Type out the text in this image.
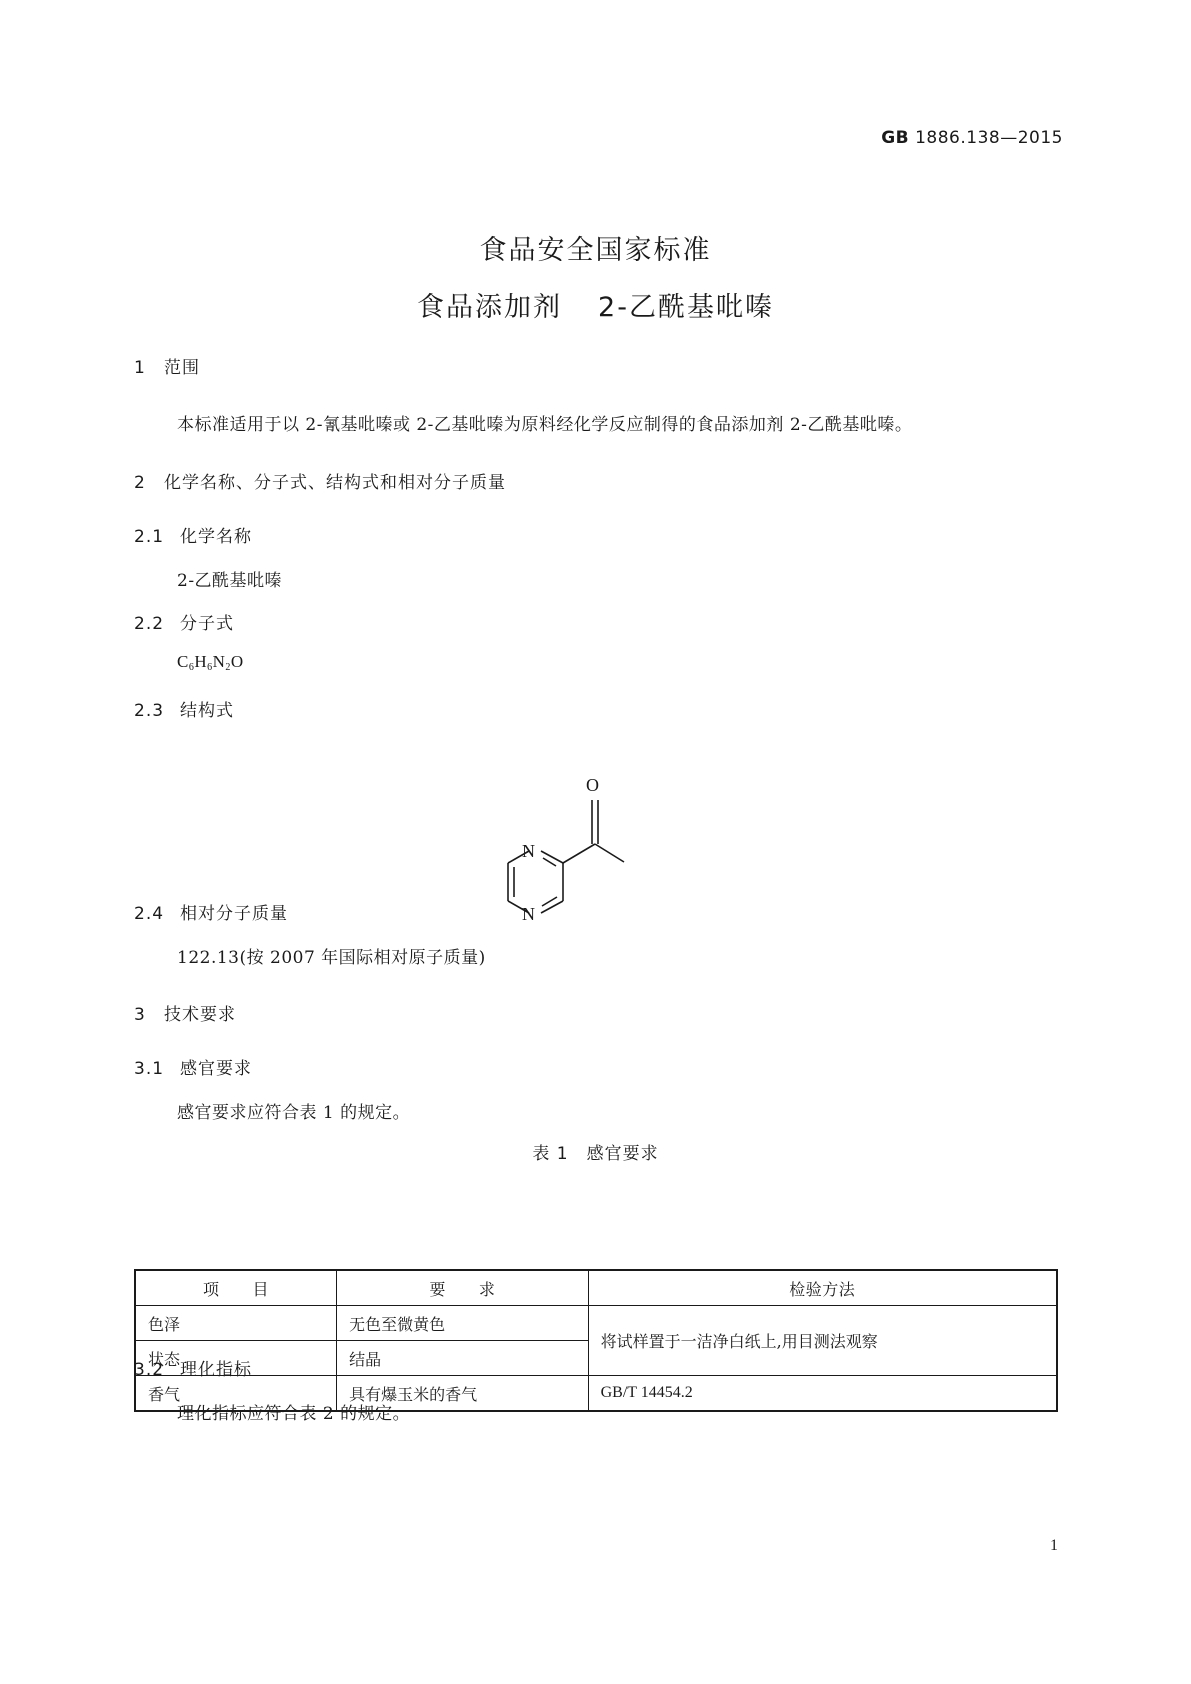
GB 1886.138—2015
食品安全国家标准
食品添加剂 2-乙酰基吡嗪
1 范围
本标准适用于以 2-氰基吡嗪或 2-乙基吡嗪为原料经化学反应制得的食品添加剂 2-乙酰基吡嗪。
2 化学名称、分子式、结构式和相对分子质量
2.1 化学名称
2-乙酰基吡嗪
2.2 分子式
$C_6H_6N_2O$
2.3 结构式
N
N
O
2.4 相对分子质量
122.13(按 2007 年国际相对原子质量)
3 技术要求
3.1 感官要求
感官要求应符合表 1 的规定。
表 1 感官要求
项　　目	要　　求	检验方法
色泽	无色至微黄色	将试样置于一洁净白纸上,用目测法观察
状态	结晶	
香气	具有爆玉米的香气	GB/T 14454.2
3.2 理化指标
理化指标应符合表 2 的规定。
1
